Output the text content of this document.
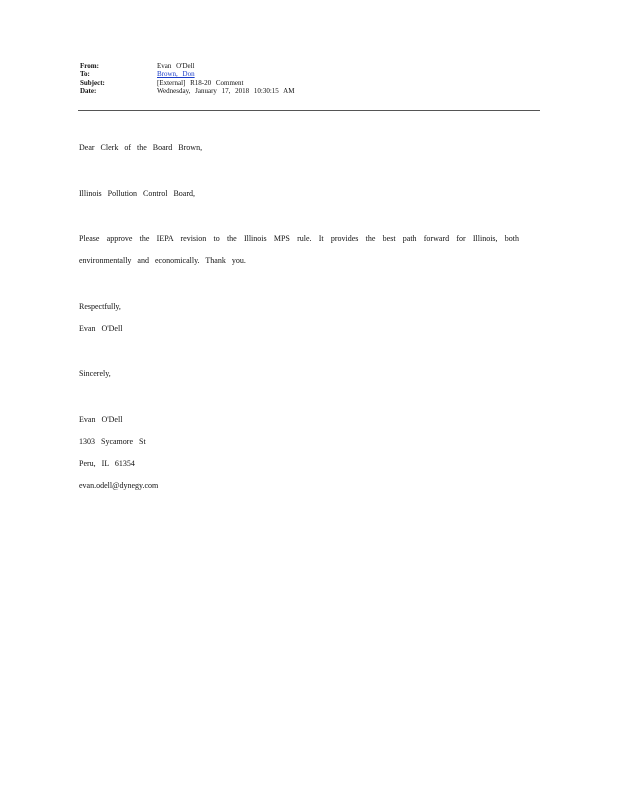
From:	Evan O'Dell
To:	Brown, Don
Subject:	[External] R18-20 Comment
Date:	Wednesday, January 17, 2018 10:30:15 AM

Dear Clerk of the Board Brown,

Illinois Pollution Control Board,

Please approve the IEPA revision to the Illinois MPS rule. It provides the best path forward for Illinois, both

environmentally and economically. Thank you.

Respectfully,

Evan O'Dell

Sincerely,

Evan O'Dell

1303 Sycamore St

Peru, IL 61354

evan.odell@dynegy.com
